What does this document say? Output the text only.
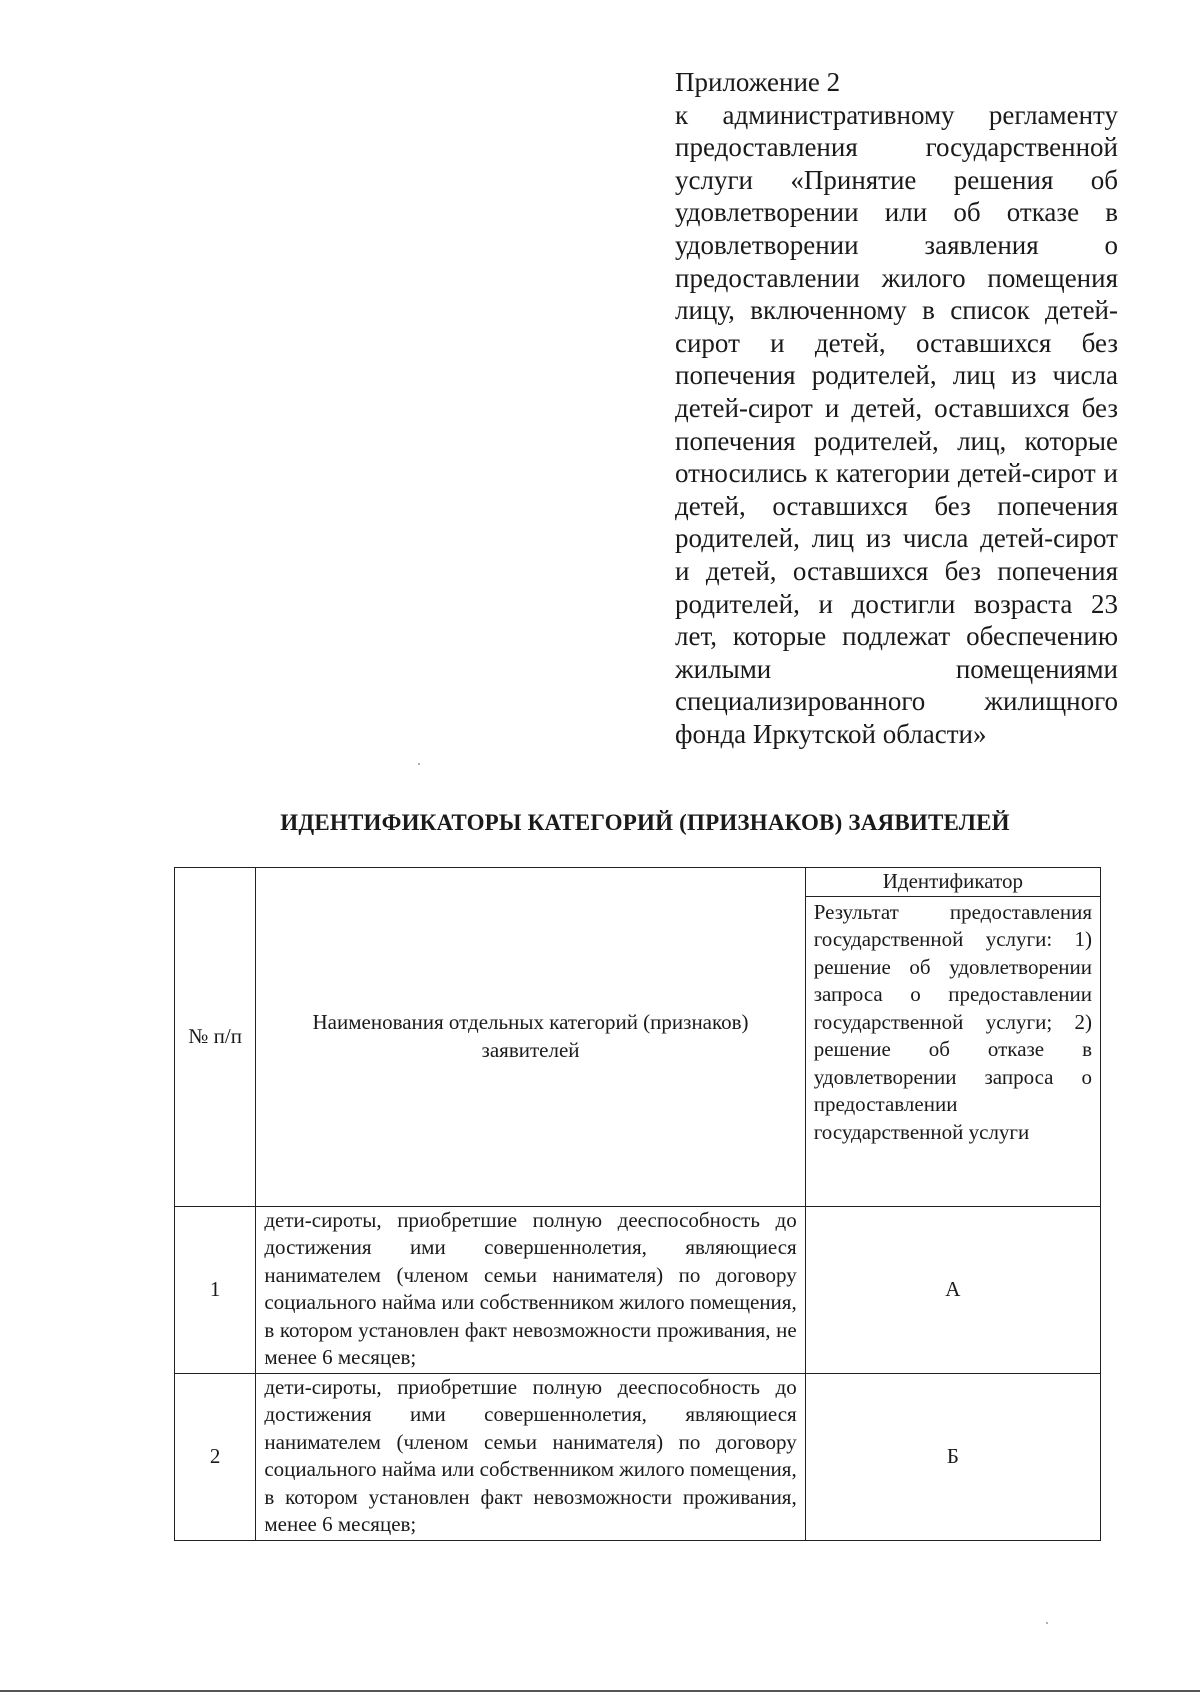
Приложение 2
к административному регламенту предоставления государственной услуги «Принятие решения об удовлетворении или об отказе в удовлетворении заявления о предоставлении жилого помещения лицу, включенному в список детей-сирот и детей, оставшихся без попечения родителей, лиц из числа детей-сирот и детей, оставшихся без попечения родителей, лиц, которые относились к категории детей-сирот и детей, оставшихся без попечения родителей, лиц из числа детей-сирот и детей, оставшихся без попечения родителей, и достигли возраста 23 лет, которые подлежат обеспечению жилыми помещениями специализированного жилищного фонда Иркутской области»
ИДЕНТИФИКАТОРЫ КАТЕГОРИЙ (ПРИЗНАКОВ) ЗАЯВИТЕЛЕЙ
№ п/п	Наименования отдельных категорий (признаков) заявителей	Идентификатор
		Результат предоставления государственной услуги: 1) решение об удовлетворении запроса о предоставлении государственной услуги; 2) решение об отказе в удовлетворении запроса о предоставлении государственной услуги
1	дети-сироты, приобретшие полную дееспособность до достижения ими совершеннолетия, являющиеся нанимателем (членом семьи нанимателя) по договору социального найма или собственником жилого помещения, в котором установлен факт невозможности проживания, не менее 6 месяцев;	А
2	дети-сироты, приобретшие полную дееспособность до достижения ими совершеннолетия, являющиеся нанимателем (членом семьи нанимателя) по договору социального найма или собственником жилого помещения, в котором установлен факт невозможности проживания, менее 6 месяцев;	Б
